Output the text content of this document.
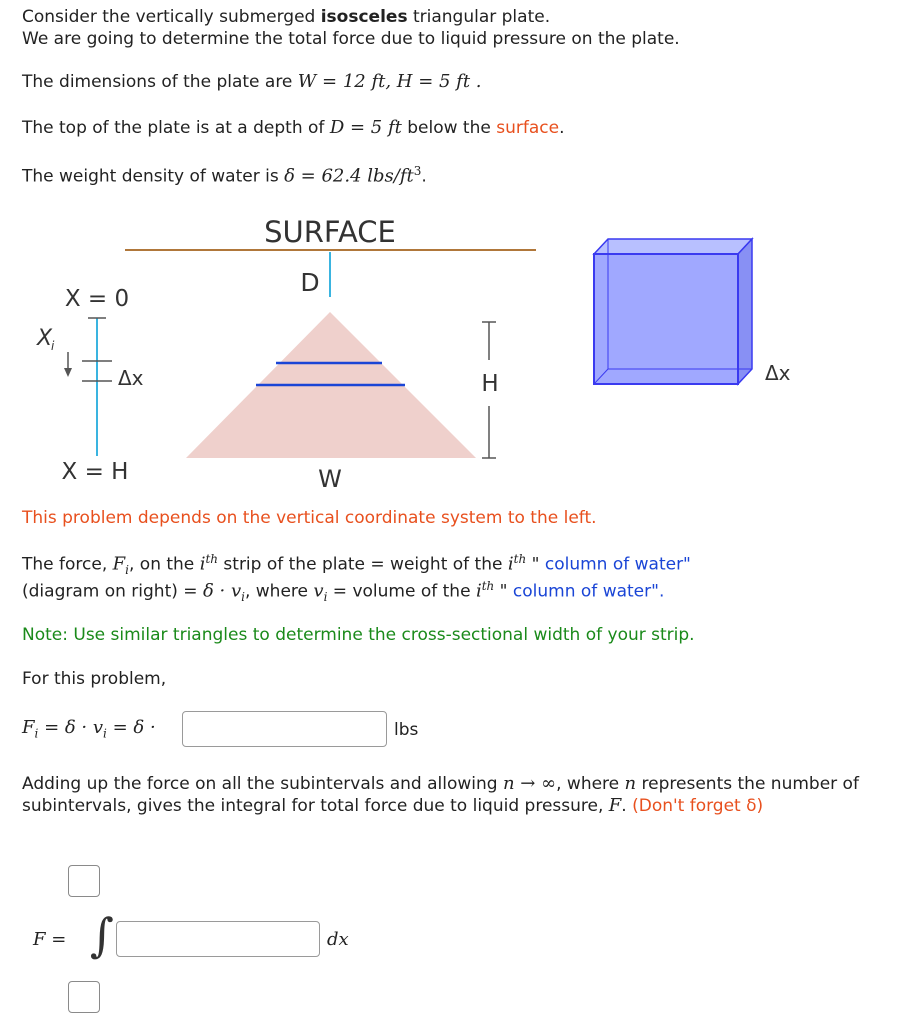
Consider the vertically submerged isosceles triangular plate.
We are going to determine the total force due to liquid pressure on the plate.
The dimensions of the plate are W = 12 ft, H = 5 ft .
The top of the plate is at a depth of D = 5 ft below the surface.
The weight density of water is δ = 62.4 lbs/$ft^3$.
SURFACE
D
H
W
X = 0
X
i
Δx
X = H
Δx
This problem depends on the vertical coordinate system to the left.
The force, $F_i$, on the $i^{th}$ strip of the plate = weight of the $i^{th}$ " column of water"
(diagram on right) = $\delta \cdot v_i$, where $v_i$ = volume of the $i^{th}$ " column of water".
Note: Use similar triangles to determine the cross-sectional width of your strip.
For this problem,
$F_i = \delta \cdot v_i = \delta$ ·	lbs
Adding up the force on all the subintervals and allowing n → ∞, where n represents the number of
subintervals, gives the integral for total force due to liquid pressure, F. (Don't forget δ)
F = ∫	dx
